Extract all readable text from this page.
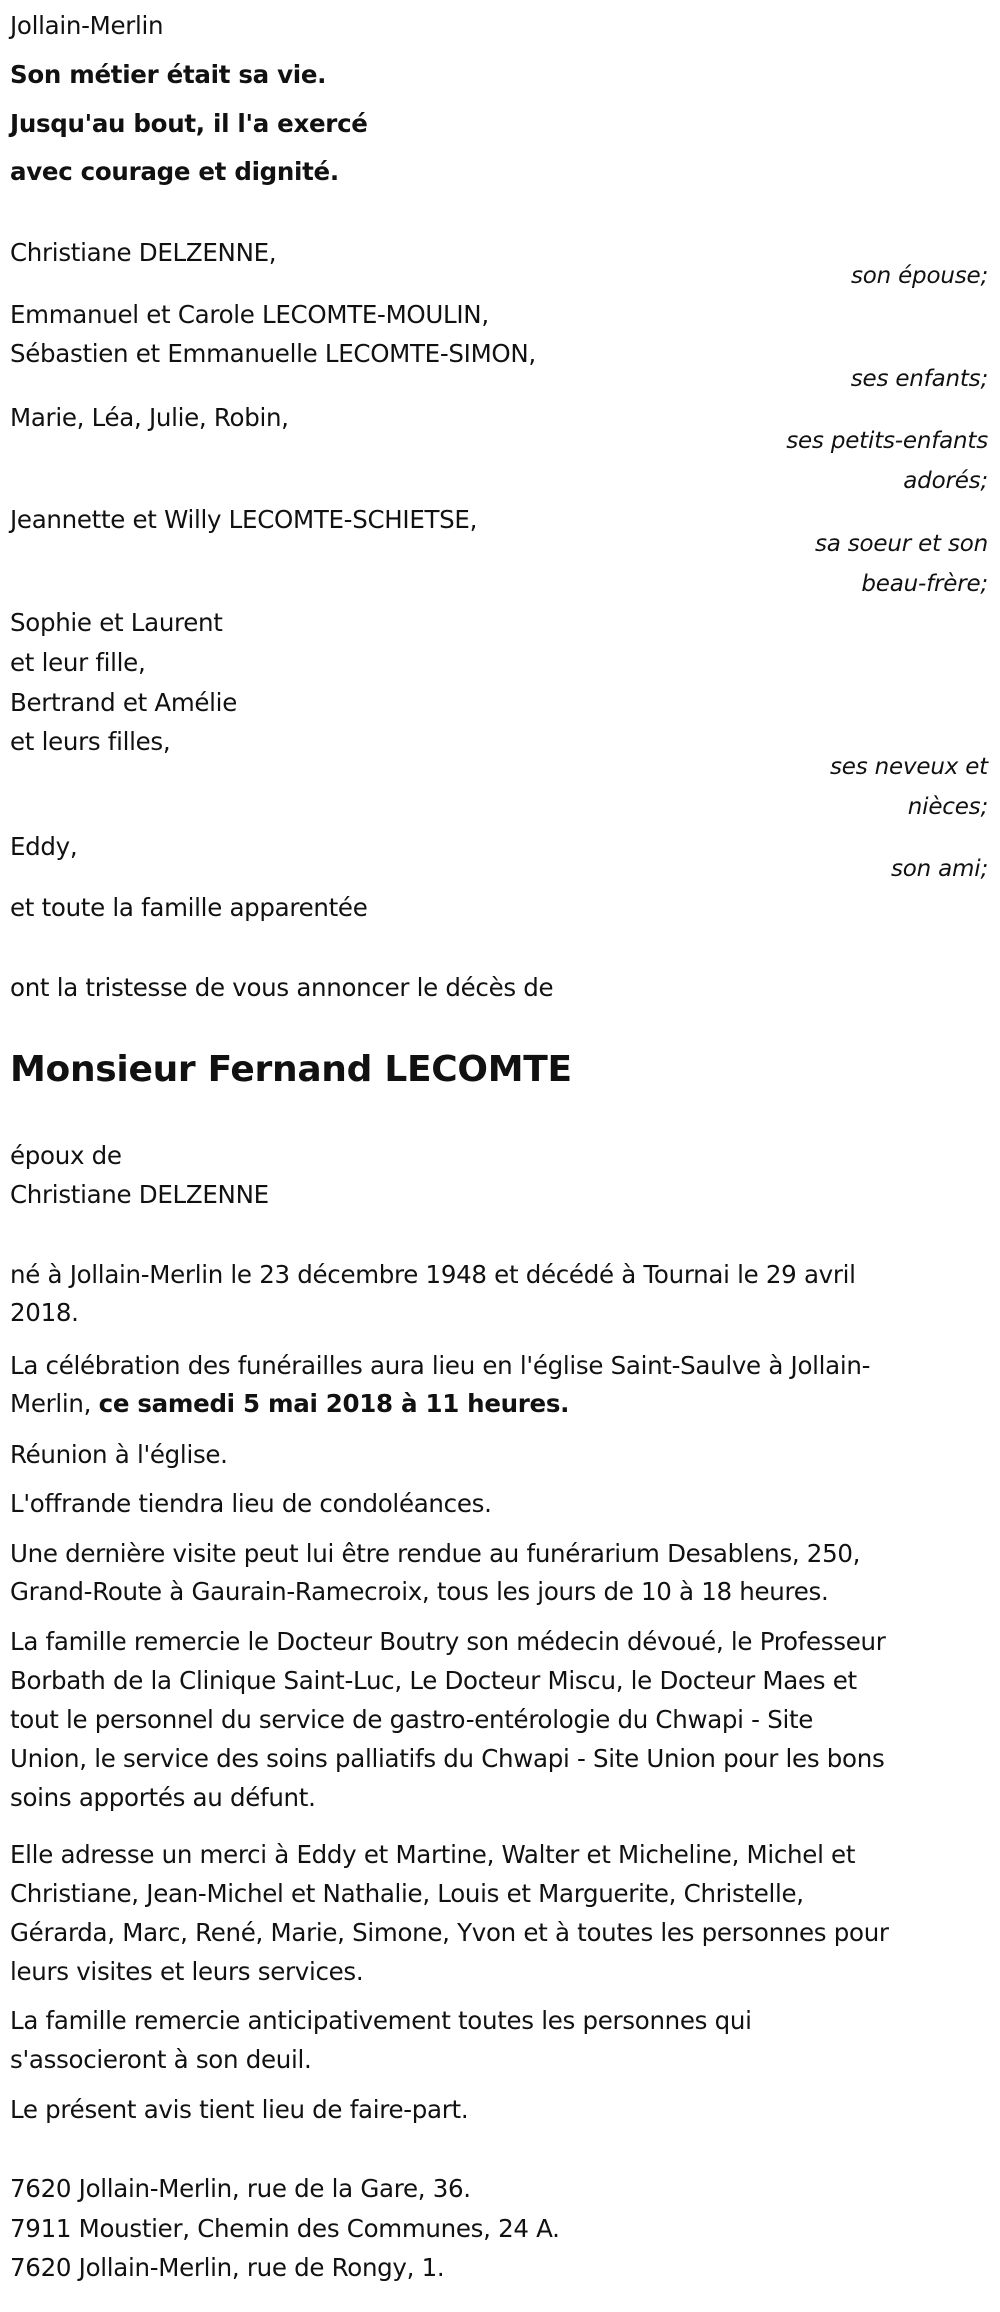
Jollain-Merlin
Son métier était sa vie.
Jusqu'au bout, il l'a exercé
avec courage et dignité.
Christiane DELZENNE,
son épouse;
Emmanuel et Carole LECOMTE-MOULIN,
Sébastien et Emmanuelle LECOMTE-SIMON,
ses enfants;
Marie, Léa, Julie, Robin,
ses petits-enfants
adorés;
Jeannette et Willy LECOMTE-SCHIETSE,
sa soeur et son
beau-frère;
Sophie et Laurent
et leur fille,
Bertrand et Amélie
et leurs filles,
ses neveux et
nièces;
Eddy,
son ami;
et toute la famille apparentée
ont la tristesse de vous annoncer le décès de
Monsieur Fernand LECOMTE
époux de
Christiane DELZENNE
né à Jollain-Merlin le 23 décembre 1948 et décédé à Tournai le 29 avril
2018.
La célébration des funérailles aura lieu en l'église Saint-Saulve à Jollain-
Merlin, ce samedi 5 mai 2018 à 11 heures.
Réunion à l'église.
L'offrande tiendra lieu de condoléances.
Une dernière visite peut lui être rendue au funérarium Desablens, 250,
Grand-Route à Gaurain-Ramecroix, tous les jours de 10 à 18 heures.
La famille remercie le Docteur Boutry son médecin dévoué, le Professeur
Borbath de la Clinique Saint-Luc, Le Docteur Miscu, le Docteur Maes et
tout le personnel du service de gastro-entérologie du Chwapi - Site
Union, le service des soins palliatifs du Chwapi - Site Union pour les bons
soins apportés au défunt.
Elle adresse un merci à Eddy et Martine, Walter et Micheline, Michel et
Christiane, Jean-Michel et Nathalie, Louis et Marguerite, Christelle,
Gérarda, Marc, René, Marie, Simone, Yvon et à toutes les personnes pour
leurs visites et leurs services.
La famille remercie anticipativement toutes les personnes qui
s'associeront à son deuil.
Le présent avis tient lieu de faire-part.
7620 Jollain-Merlin, rue de la Gare, 36.
7911 Moustier, Chemin des Communes, 24 A.
7620 Jollain-Merlin, rue de Rongy, 1.
